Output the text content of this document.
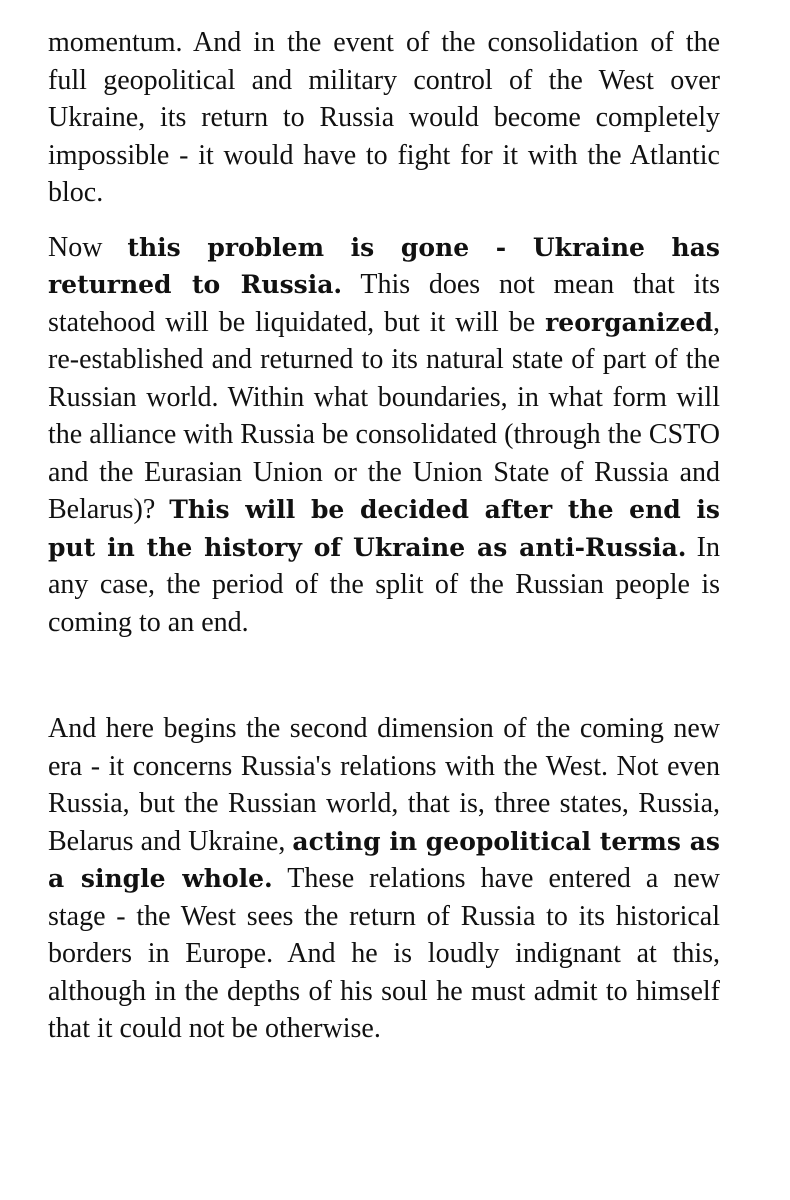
momentum. And in the event of the consolidation of the full geopolitical and military control of the West over Ukraine, its return to Russia would become completely impossible - it would have to fight for it with the Atlantic bloc.

Now this problem is gone - Ukraine has returned to Russia. This does not mean that its statehood will be liquidated, but it will be reorganized, re-established and returned to its natural state of part of the Russian world. Within what boundaries, in what form will the alliance with Russia be consolidated (through the CSTO and the Eurasian Union or the Union State of Russia and Belarus)? This will be decided after the end is put in the history of Ukraine as anti-Russia. In any case, the period of the split of the Russian people is coming to an end.

And here begins the second dimension of the coming new era - it concerns Russia's relations with the West. Not even Russia, but the Russian world, that is, three states, Russia, Belarus and Ukraine, acting in geopolitical terms as a single whole. These relations have entered a new stage - the West sees the return of Russia to its historical borders in Europe. And he is loudly indignant at this, although in the depths of his soul he must admit to himself that it could not be otherwise.
